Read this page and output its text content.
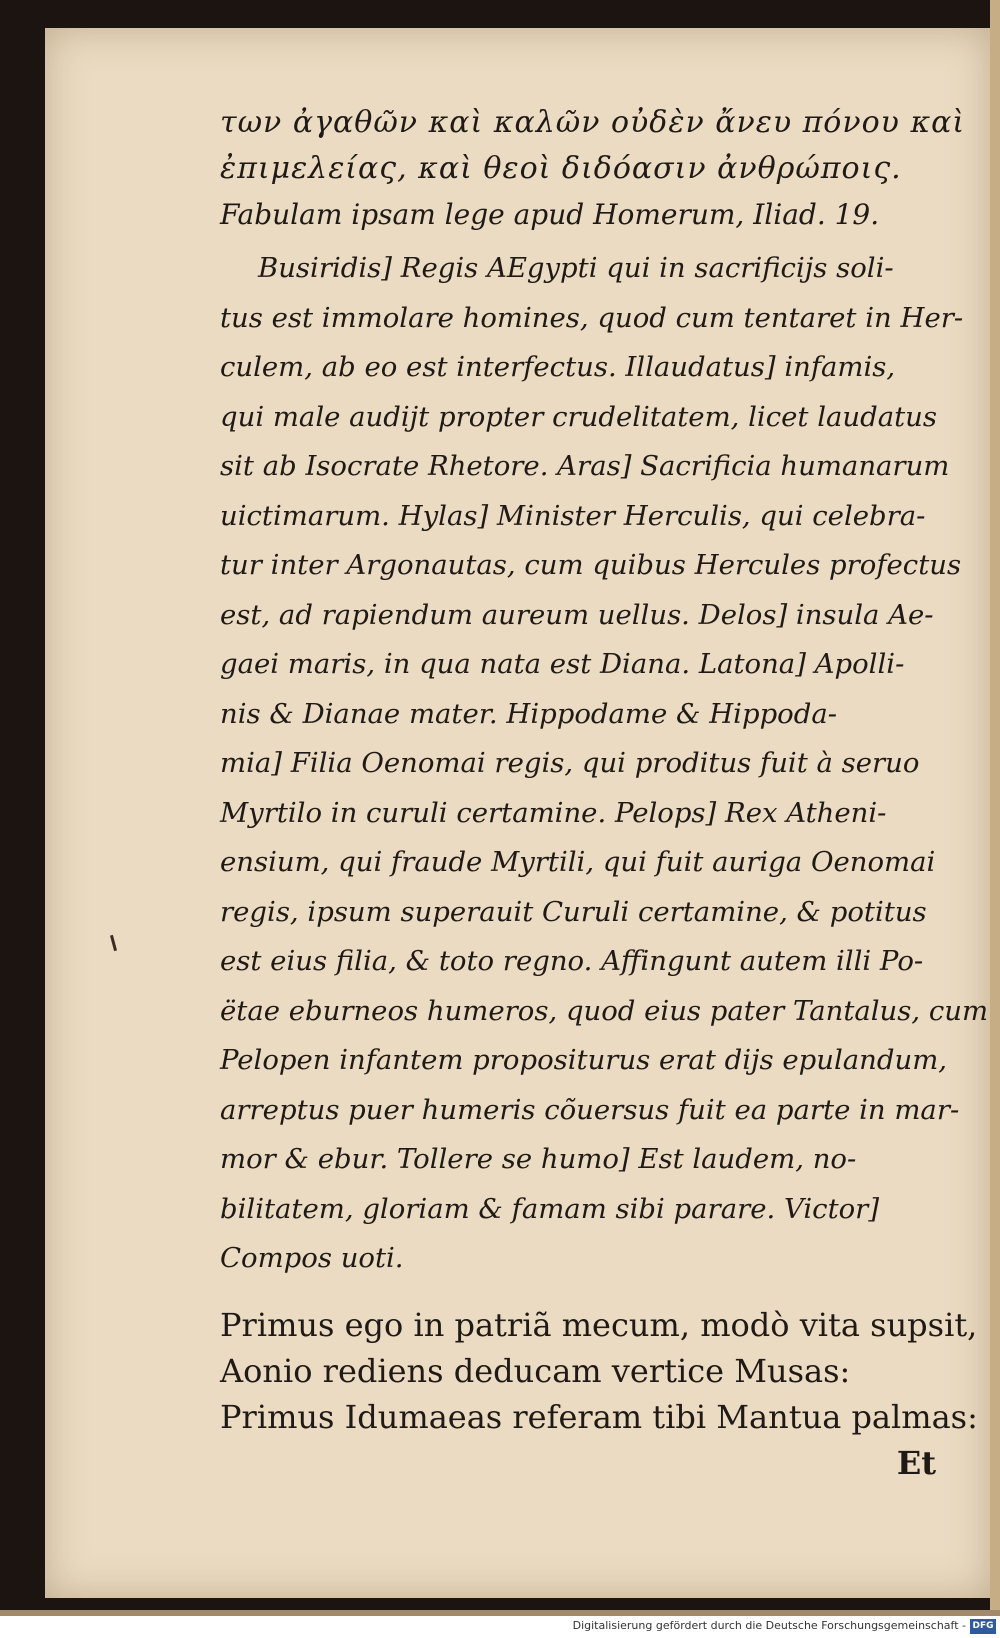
των ἀγαθῶν καὶ καλῶν οὐδὲν ἄνευ πόνου καὶ

ἐπιμελείας, καὶ θεοὶ διδόασιν ἀνθρώποις.

Fabulam ipsam lege apud Homerum, Iliad. 19.

Busiridis] Regis AEgypti qui in sacrificijs soli-
tus est immolare homines, quod cum tentaret in Her-
culem, ab eo est interfectus. Illaudatus] infamis,
qui male audijt propter crudelitatem, licet laudatus
sit ab Isocrate Rhetore. Aras] Sacrificia humanarum
uictimarum. Hylas] Minister Herculis, qui celebra-
tur inter Argonautas, cum quibus Hercules profectus
est, ad rapiendum aureum uellus. Delos] insula Ae-
gaei maris, in qua nata est Diana. Latona] Apolli-
nis & Dianae mater. Hippodame & Hippoda-
mia] Filia Oenomai regis, qui proditus fuit à seruo
Myrtilo in curuli certamine. Pelops] Rex Atheni-
ensium, qui fraude Myrtili, qui fuit auriga Oenomai
regis, ipsum superauit Curuli certamine, & potitus
est eius filia, & toto regno. Affingunt autem illi Po-
ëtae eburneos humeros, quod eius pater Tantalus, cum
Pelopen infantem propositurus erat dijs epulandum,
arreptus puer humeris cõuersus fuit ea parte in mar-
mor & ebur. Tollere se humo] Est laudem, no-
bilitatem, gloriam & famam sibi parare. Victor]
Compos uoti.
Primus ego in patriã mecum, modò vita supsit,
Aonio rediens deducam vertice Musas:
Primus Idumaeas referam tibi Mantua palmas:
Et
Digitalisierung gefördert durch die Deutsche Forschungsgemeinschaft - DFG
